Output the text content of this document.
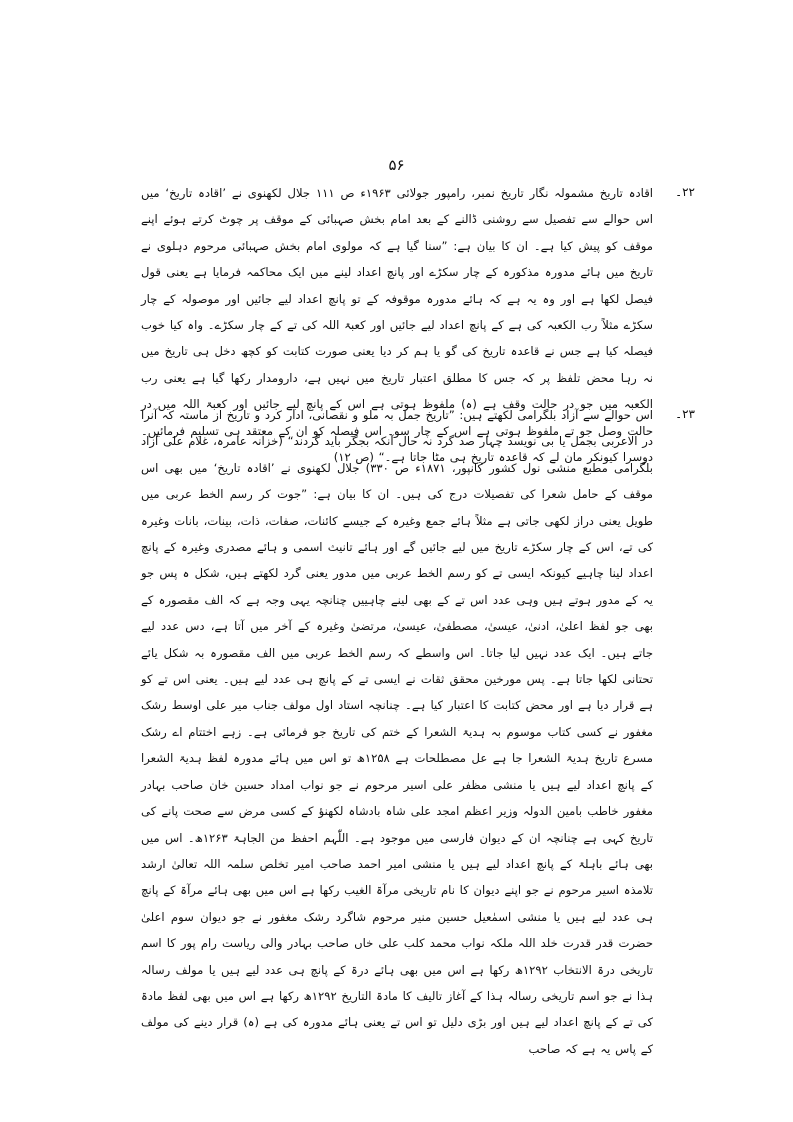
۵۶
۲۲۔
اقادہ تاریخ مشمولہ نگار تاریخ نمبر، رامپور جولائی ۱۹۶۳ء ص ۱۱۱ جلال لکھنوی نے ’اقادہ تاریخ‘ میں اس حوالے سے تفصیل سے روشنی ڈالنے کے بعد امام بخش صہبائی کے موقف پر چوٹ کرتے ہوئے اپنے موقف کو پیش کیا ہے۔ ان کا بیان ہے: ”سنا گیا ہے کہ مولوی امام بخش صہبائی مرحوم دہلوی نے تاریخ میں ہائے مدورہ مذکورہ کے چار سکڑے اور پانچ اعداد لینے میں ایک محاکمہ فرمایا ہے یعنی قول فیصل لکھا ہے اور وہ یہ ہے کہ ہائے مدورہ موقوفہ کے تو پانچ اعداد لیے جائیں اور موصولہ کے چار سکڑے مثلاً رب الکعبہ کی ہے کے پانچ اعداد لیے جائیں اور کعبۃ اللہ کی تے کے چار سکڑے۔ واہ کیا خوب فیصلہ کیا ہے جس نے قاعدہ تاریخ کی گو یا ہم کر دیا یعنی صورت کتابت کو کچھ دخل ہی تاریخ میں نہ رہا محض تلفظ پر کہ جس کا مطلق اعتبار تاریخ میں نہیں ہے، دارومدار رکھا گیا ہے یعنی رب الکعبہ میں جو در حالت وقف ہے (ہ) ملفوظ ہوتی ہے اس کے پانچ لیے جائیں اور کعبۃ اللہ میں در حالت وصل جو تے ملفوظ ہوتی ہے اس کے چار سو۔ اس فیصلہ کو ان کے معتقد ہی تسلیم فرمائیں۔ دوسرا کیونکر مان لے کہ قاعدہ تاریخ ہی مٹا جاتا ہے۔“ (ص ۱۲)
۲۳۔
اس حوالے سے آزاد بلگرامی لکھتے ہیں: ”تاریخ جمل بہ ملو و نقصانی، ادار کرد و تاریخ از ماستہ کہ آنرا در الاعربی بجمل یا بی نویسد چہار صد گرد نہ حال آنکہ بجگر باید گردند“ (خزانہ عامرہ، غلام علی آزاد بلگرامی مطبع منشی نول کشور کانپور، ۱۸۷۱ء ص ۳۳۰) جلال لکھنوی نے ’اقادہ تاریخ‘ میں بھی اس موقف کے حامل شعرا کی تفصیلات درج کی ہیں۔ ان کا بیان ہے: ”جوت کر رسم الخط عربی میں طویل یعنی دراز لکھی جاتی ہے مثلاً ہائے جمع وغیرہ کے جیسے کائنات، صفات، ذات، بینات، بانات وغیرہ کی تے، اس کے چار سکڑے تاریخ میں لیے جائیں گے اور ہائے تانیث اسمی و ہائے مصدری وغیرہ کے پانچ اعداد لینا چاہیے کیونکہ ایسی تے کو رسم الخط عربی میں مدور یعنی گرد لکھتے ہیں، شکل ہ پس جو یہ کے مدور ہوتے ہیں وہی عدد اس تے کے بھی لینے چاہییں چنانچہ یہی وجہ ہے کہ الف مقصورہ کے بھی جو لفظ اعلیٰ، ادنیٰ، عیسیٰ، مصطفیٰ، عیسیٰ، مرتضیٰ وغیرہ کے آخر میں آتا ہے، دس عدد لیے جاتے ہیں۔ ایک عدد نہیں لیا جاتا۔ اس واسطے کہ رسم الخط عربی میں الف مقصورہ بہ شکل یائے تحتانی لکھا جاتا ہے۔ پس مورخین محقق ثقات نے ایسی تے کے پانچ ہی عدد لیے ہیں۔ یعنی اس تے کو ہے قرار دیا ہے اور محض کتابت کا اعتبار کیا ہے۔ چنانچہ استاد اول مولف جناب میر علی اوسط رشک مغفور نے کسی کتاب موسوم بہ ہدیۃ الشعرا کے ختم کی تاریخ جو فرمائی ہے۔ زہے اختتام اے رشک مسرع تاریخ ہدیۃ الشعرا جا ہے عل مصطلحات ہے ۱۲۵۸ھ تو اس میں ہائے مدورہ لفظ ہدیۃ الشعرا کے پانچ اعداد لیے ہیں یا منشی مظفر علی اسیر مرحوم نے جو نواب امداد حسین خان صاحب بہادر مغفور خاطب بامین الدولہ وزیر اعظم امجد علی شاہ بادشاہ لکھنؤ کے کسی مرض سے صحت پانے کی تاریخ کہی ہے چنانچہ ان کے دیوان فارسی میں موجود ہے۔ اللّٰہم احفظ من الجاہۃ ۱۲۶۳ھ۔ اس میں بھی ہائے باہلۃ کے پانچ اعداد لیے ہیں یا منشی امیر احمد صاحب امیر تخلص سلمہ اللہ تعالیٰ ارشد تلامذہ اسیر مرحوم نے جو اپنے دیوان کا نام تاریخی مرآۃ الغیب رکھا ہے اس میں بھی ہائے مرآۃ کے پانچ ہی عدد لیے ہیں یا منشی اسمٰعیل حسین منیر مرحوم شاگرد رشک مغفور نے جو دیوان سوم اعلیٰ حضرت قدر قدرت خلد اللہ ملکہ نواب محمد کلب علی خاں صاحب بہادر والی ریاست رام پور کا اسم تاریخی درۃ الانتخاب ۱۲۹۲ھ رکھا ہے اس میں بھی ہائے درۃ کے پانچ ہی عدد لیے ہیں یا مولف رسالہ ہذا نے جو اسم تاریخی رسالہ ہذا کے آغاز تالیف کا مادۃ التاریخ ۱۲۹۲ھ رکھا ہے اس میں بھی لفظ مادۃ کی تے کے پانچ اعداد لیے ہیں اور بڑی دلیل تو اس تے یعنی ہائے مدورہ کی ہے (ہ) قرار دینے کی مولف کے پاس یہ ہے کہ صاحب
